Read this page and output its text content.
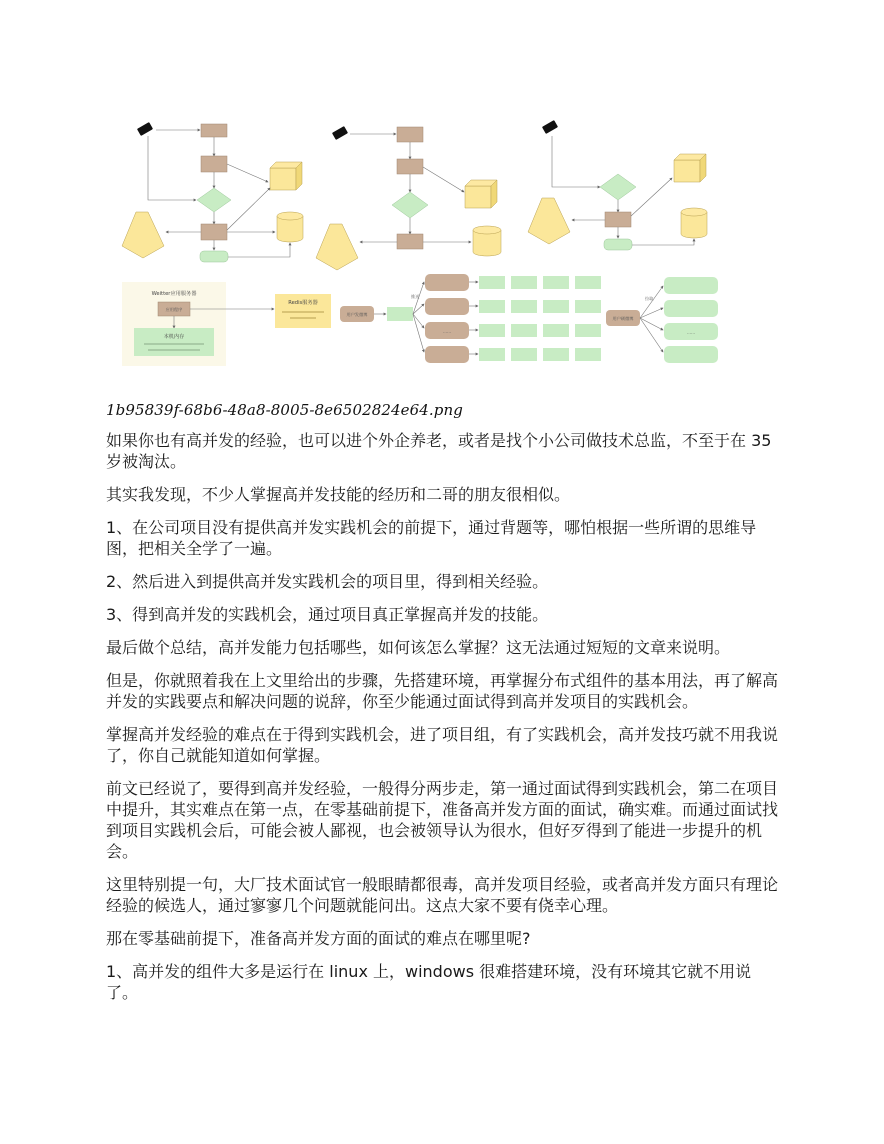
Weitter应用服务器
应用程序
本机内存
Redis服务器
用户发微博
推送
……
用户刷微博
拉取
……
1b95839f-68b6-48a8-8005-8e6502824e64.png

如果你也有高并发的经验，也可以进个外企养老，或者是找个小公司做技术总监，不至于在 35 岁被淘汰。

其实我发现，不少人掌握高并发技能的经历和二哥的朋友很相似。

1、在公司项目没有提供高并发实践机会的前提下，通过背题等，哪怕根据一些所谓的思维导图，把相关全学了一遍。

2、然后进入到提供高并发实践机会的项目里，得到相关经验。

3、得到高并发的实践机会，通过项目真正掌握高并发的技能。

最后做个总结，高并发能力包括哪些，如何该怎么掌握？这无法通过短短的文章来说明。

但是，你就照着我在上文里给出的步骤，先搭建环境，再掌握分布式组件的基本用法，再了解高并发的实践要点和解决问题的说辞，你至少能通过面试得到高并发项目的实践机会。

掌握高并发经验的难点在于得到实践机会，进了项目组，有了实践机会，高并发技巧就不用我说了，你自己就能知道如何掌握。

前文已经说了，要得到高并发经验，一般得分两步走，第一通过面试得到实践机会，第二在项目中提升，其实难点在第一点，在零基础前提下，准备高并发方面的面试，确实难。而通过面试找到项目实践机会后，可能会被人鄙视，也会被领导认为很水，但好歹得到了能进一步提升的机会。

这里特别提一句，大厂技术面试官一般眼睛都很毒，高并发项目经验，或者高并发方面只有理论经验的候选人，通过寥寥几个问题就能问出。这点大家不要有侥幸心理。

那在零基础前提下，准备高并发方面的面试的难点在哪里呢?

1、高并发的组件大多是运行在 linux 上，windows 很难搭建环境，没有环境其它就不用说了。
